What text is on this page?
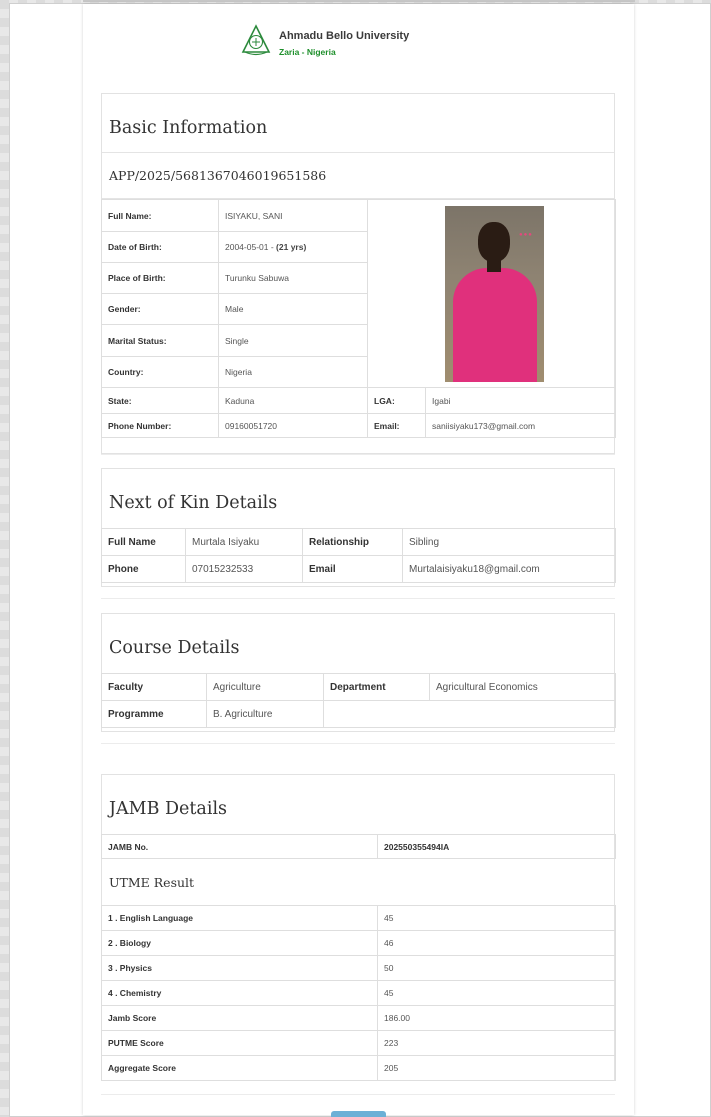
Ahmadu Bello University
Zaria - Nigeria
Basic Information
APP/2025/5681367046019651586
Full Name:	ISIYAKU, SANI	●●●	

Date of Birth:	2004-05-01 - (21 yrs)		
Place of Birth:	Turunku Sabuwa		
Gender:	Male		
Marital Status:	Single		
Country:	Nigeria		
State:	Kaduna	LGA:	Igabi
Phone Number:	09160051720	Email:	saniisiyaku173@gmail.com
Next of Kin Details
Full Name	Murtala Isiyaku	Relationship	Sibling
Phone	07015232533	Email	Murtalaisiyaku18@gmail.com
Course Details
Faculty	Agriculture	Department	Agricultural Economics
Programme	B. Agriculture		
JAMB Details
JAMB No.	202550355494IA
UTME Result
1 . English Language	45
2 . Biology	46
3 . Physics	50
4 . Chemistry	45
Jamb Score	186.00
PUTME Score	223
Aggregate Score	205
